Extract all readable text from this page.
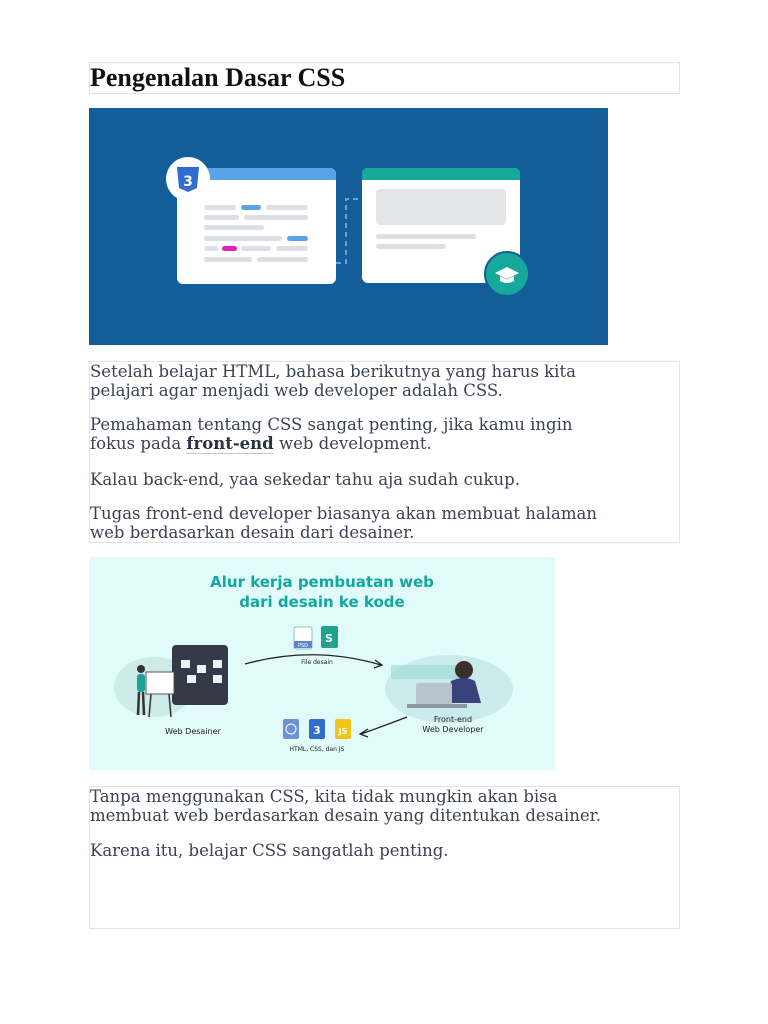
Pengenalan Dasar CSS
3

Setelah belajar HTML, bahasa berikutnya yang harus kita

pelajari agar menjadi web developer adalah CSS.

Pemahaman tentang CSS sangat penting, jika kamu ingin

fokus pada front-end web development.

Kalau back-end, yaa sekedar tahu aja sudah cukup.

Tugas front-end developer biasanya akan membuat halaman

web berdasarkan desain dari desainer.

Alur kerja pembuatan web
dari desain ke kode
Web Desainer
PSD
S
File desain
Front-end
Web Developer
3 JS
HTML, CSS, dan JS

Tanpa menggunakan CSS, kita tidak mungkin akan bisa

membuat web berdasarkan desain yang ditentukan desainer.

Karena itu, belajar CSS sangatlah penting.
